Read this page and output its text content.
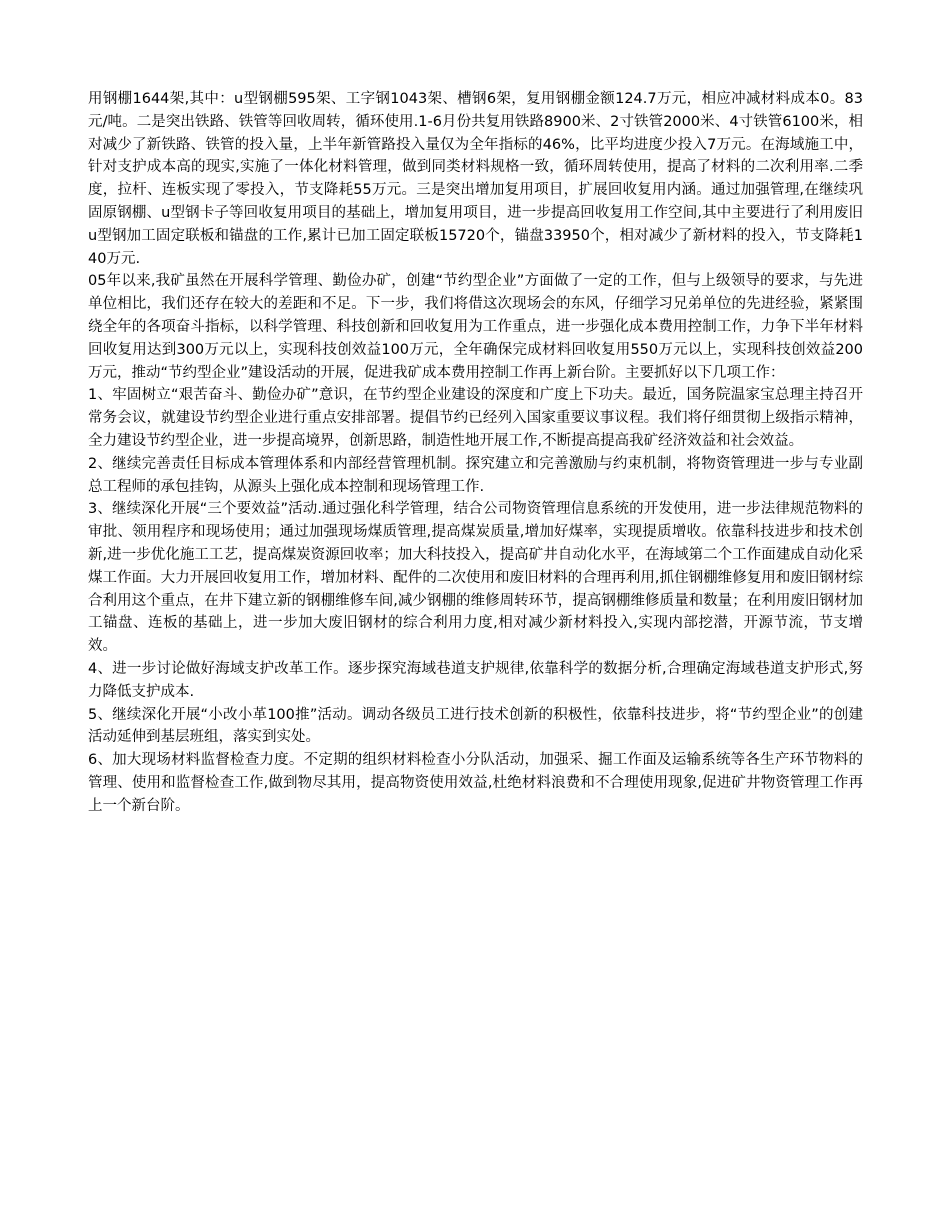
用钢棚1644架,其中：u型钢棚595架、工字钢1043架、槽钢6架，复用钢棚金额124.7万元，相应冲减材料成本0。83元/吨。二是突出铁路、铁管等回收周转，循环使用.1-6月份共复用铁路8900米、2寸铁管2000米、4寸铁管6100米，相对减少了新铁路、铁管的投入量，上半年新管路投入量仅为全年指标的46%，比平均进度少投入7万元。在海域施工中，针对支护成本高的现实,实施了一体化材料管理，做到同类材料规格一致，循环周转使用，提高了材料的二次利用率.二季度，拉杆、连板实现了零投入，节支降耗55万元。三是突出增加复用项目，扩展回收复用内涵。通过加强管理,在继续巩固原钢棚、u型钢卡子等回收复用项目的基础上，增加复用项目，进一步提高回收复用工作空间,其中主要进行了利用废旧u型钢加工固定联板和锚盘的工作,累计已加工固定联板15720个，锚盘33950个，相对减少了新材料的投入，节支降耗140万元.

05年以来,我矿虽然在开展科学管理、勤俭办矿，创建“节约型企业”方面做了一定的工作，但与上级领导的要求，与先进单位相比，我们还存在较大的差距和不足。下一步，我们将借这次现场会的东风，仔细学习兄弟单位的先进经验，紧紧围绕全年的各项奋斗指标，以科学管理、科技创新和回收复用为工作重点，进一步强化成本费用控制工作，力争下半年材料回收复用达到300万元以上，实现科技创效益100万元，全年确保完成材料回收复用550万元以上，实现科技创效益200万元，推动“节约型企业”建设活动的开展，促进我矿成本费用控制工作再上新台阶。主要抓好以下几项工作：

1、牢固树立“艰苦奋斗、勤俭办矿”意识，在节约型企业建设的深度和广度上下功夫。最近，国务院温家宝总理主持召开常务会议，就建设节约型企业进行重点安排部署。提倡节约已经列入国家重要议事议程。我们将仔细贯彻上级指示精神，全力建设节约型企业，进一步提高境界，创新思路，制造性地开展工作,不断提高提高我矿经济效益和社会效益。

2、继续完善责任目标成本管理体系和内部经营管理机制。探究建立和完善激励与约束机制，将物资管理进一步与专业副总工程师的承包挂钩，从源头上强化成本控制和现场管理工作.

3、继续深化开展“三个要效益”活动.通过强化科学管理，结合公司物资管理信息系统的开发使用，进一步法律规范物料的审批、领用程序和现场使用；通过加强现场煤质管理,提高煤炭质量,增加好煤率，实现提质增收。依靠科技进步和技术创新,进一步优化施工工艺，提高煤炭资源回收率；加大科技投入，提高矿井自动化水平，在海域第二个工作面建成自动化采煤工作面。大力开展回收复用工作，增加材料、配件的二次使用和废旧材料的合理再利用,抓住钢棚维修复用和废旧钢材综合利用这个重点，在井下建立新的钢棚维修车间,减少钢棚的维修周转环节，提高钢棚维修质量和数量；在利用废旧钢材加工锚盘、连板的基础上，进一步加大废旧钢材的综合利用力度,相对减少新材料投入,实现内部挖潜，开源节流，节支增效。

4、进一步讨论做好海域支护改革工作。逐步探究海域巷道支护规律,依靠科学的数据分析,合理确定海域巷道支护形式,努力降低支护成本.

5、继续深化开展“小改小革100推”活动。调动各级员工进行技术创新的积极性，依靠科技进步，将“节约型企业”的创建活动延伸到基层班组，落实到实处。

6、加大现场材料监督检查力度。不定期的组织材料检查小分队活动，加强采、掘工作面及运输系统等各生产环节物料的管理、使用和监督检查工作,做到物尽其用，提高物资使用效益,杜绝材料浪费和不合理使用现象,促进矿井物资管理工作再上一个新台阶。
